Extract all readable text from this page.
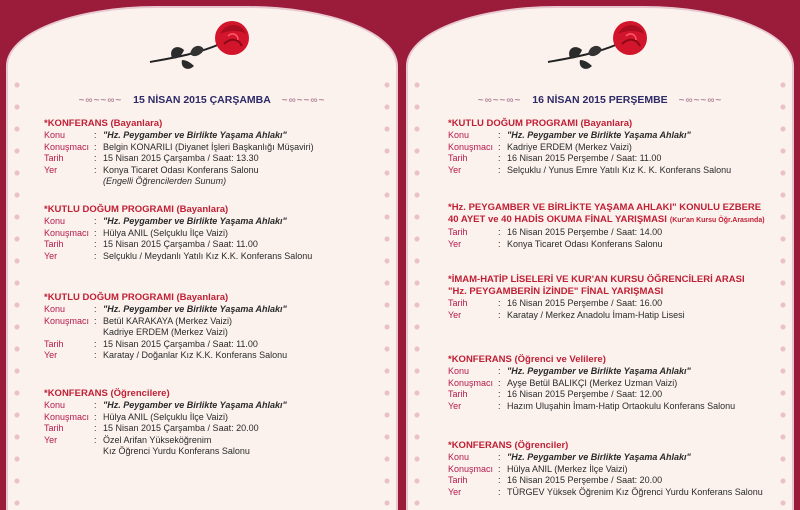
~∞~~∞~ 15 NİSAN 2015 ÇARŞAMBA ~∞~~∞~
*KONFERANS (Bayanlara)
Konu	: "Hz. Peygamber ve Birlikte Yaşama Ahlakı"
Konuşmacı : Belgin KONARILI (Diyanet İşleri Başkanlığı Müşaviri)
Tarih	: 15 Nisan 2015 Çarşamba / Saat: 13.30
Yer	: Konya Ticaret Odası Konferans Salonu
(Engelli Öğrencilerden Sunum)
*KUTLU DOĞUM PROGRAMI (Bayanlara)
Konu	: "Hz. Peygamber ve Birlikte Yaşama Ahlakı"
Konuşmacı : Hülya ANIL (Selçuklu İlçe Vaizi)
Tarih	: 15 Nisan 2015 Çarşamba / Saat: 11.00
Yer	: Selçuklu / Meydanlı Yatılı Kız K.K. Konferans Salonu
*KUTLU DOĞUM PROGRAMI (Bayanlara)
Konu	: "Hz. Peygamber ve Birlikte Yaşama Ahlakı"
Konuşmacı : Betül KARAKAYA (Merkez Vaizi)
Kadriye ERDEM (Merkez Vaizi)
Tarih	: 15 Nisan 2015 Çarşamba / Saat: 11.00
Yer	: Karatay / Doğanlar Kız K.K. Konferans Salonu
*KONFERANS (Öğrencilere)
Konu	: "Hz. Peygamber ve Birlikte Yaşama Ahlakı"
Konuşmacı : Hülya ANIL (Selçuklu İlçe Vaizi)
Tarih	: 15 Nisan 2015 Çarşamba / Saat: 20.00
Yer	: Özel Arifan Yükseköğrenim
Kız Öğrenci Yurdu Konferans Salonu
~∞~~∞~ 16 NİSAN 2015 PERŞEMBE ~∞~~∞~
*KUTLU DOĞUM PROGRAMI (Bayanlara)
Konu	: "Hz. Peygamber ve Birlikte Yaşama Ahlakı"
Konuşmacı : Kadriye ERDEM (Merkez Vaizi)
Tarih	: 16 Nisan 2015 Perşembe / Saat: 11.00
Yer	: Selçuklu / Yunus Emre Yatılı Kız K. K. Konferans Salonu
*Hz. PEYGAMBER VE BİRLİKTE YAŞAMA AHLAKI" KONULU EZBERE
40 AYET ve 40 HADİS OKUMA FİNAL YARIŞMASI (Kur'an Kursu Öğr.Arasında)
Tarih	: 16 Nisan 2015 Perşembe / Saat: 14.00
Yer	: Konya Ticaret Odası Konferans Salonu
*İMAM-HATİP LİSELERİ VE KUR'AN KURSU ÖĞRENCİLERİ ARASI
"Hz. PEYGAMBERİN İZİNDE" FİNAL YARIŞMASI
Tarih	: 16 Nisan 2015 Perşembe / Saat: 16.00
Yer	: Karatay / Merkez Anadolu İmam-Hatip Lisesi
*KONFERANS (Öğrenci ve Velilere)
Konu	: "Hz. Peygamber ve Birlikte Yaşama Ahlakı"
Konuşmacı : Ayşe Betül BALIKÇI (Merkez Uzman Vaizi)
Tarih	: 16 Nisan 2015 Perşembe / Saat: 12.00
Yer	: Hazım Uluşahin İmam-Hatip Ortaokulu Konferans Salonu
*KONFERANS (Öğrenciler)
Konu	: "Hz. Peygamber ve Birlikte Yaşama Ahlakı"
Konuşmacı : Hülya ANIL (Merkez İlçe Vaizi)
Tarih	: 16 Nisan 2015 Perşembe / Saat: 20.00
Yer	: TÜRGEV Yüksek Öğrenim Kız Öğrenci Yurdu Konferans Salonu
